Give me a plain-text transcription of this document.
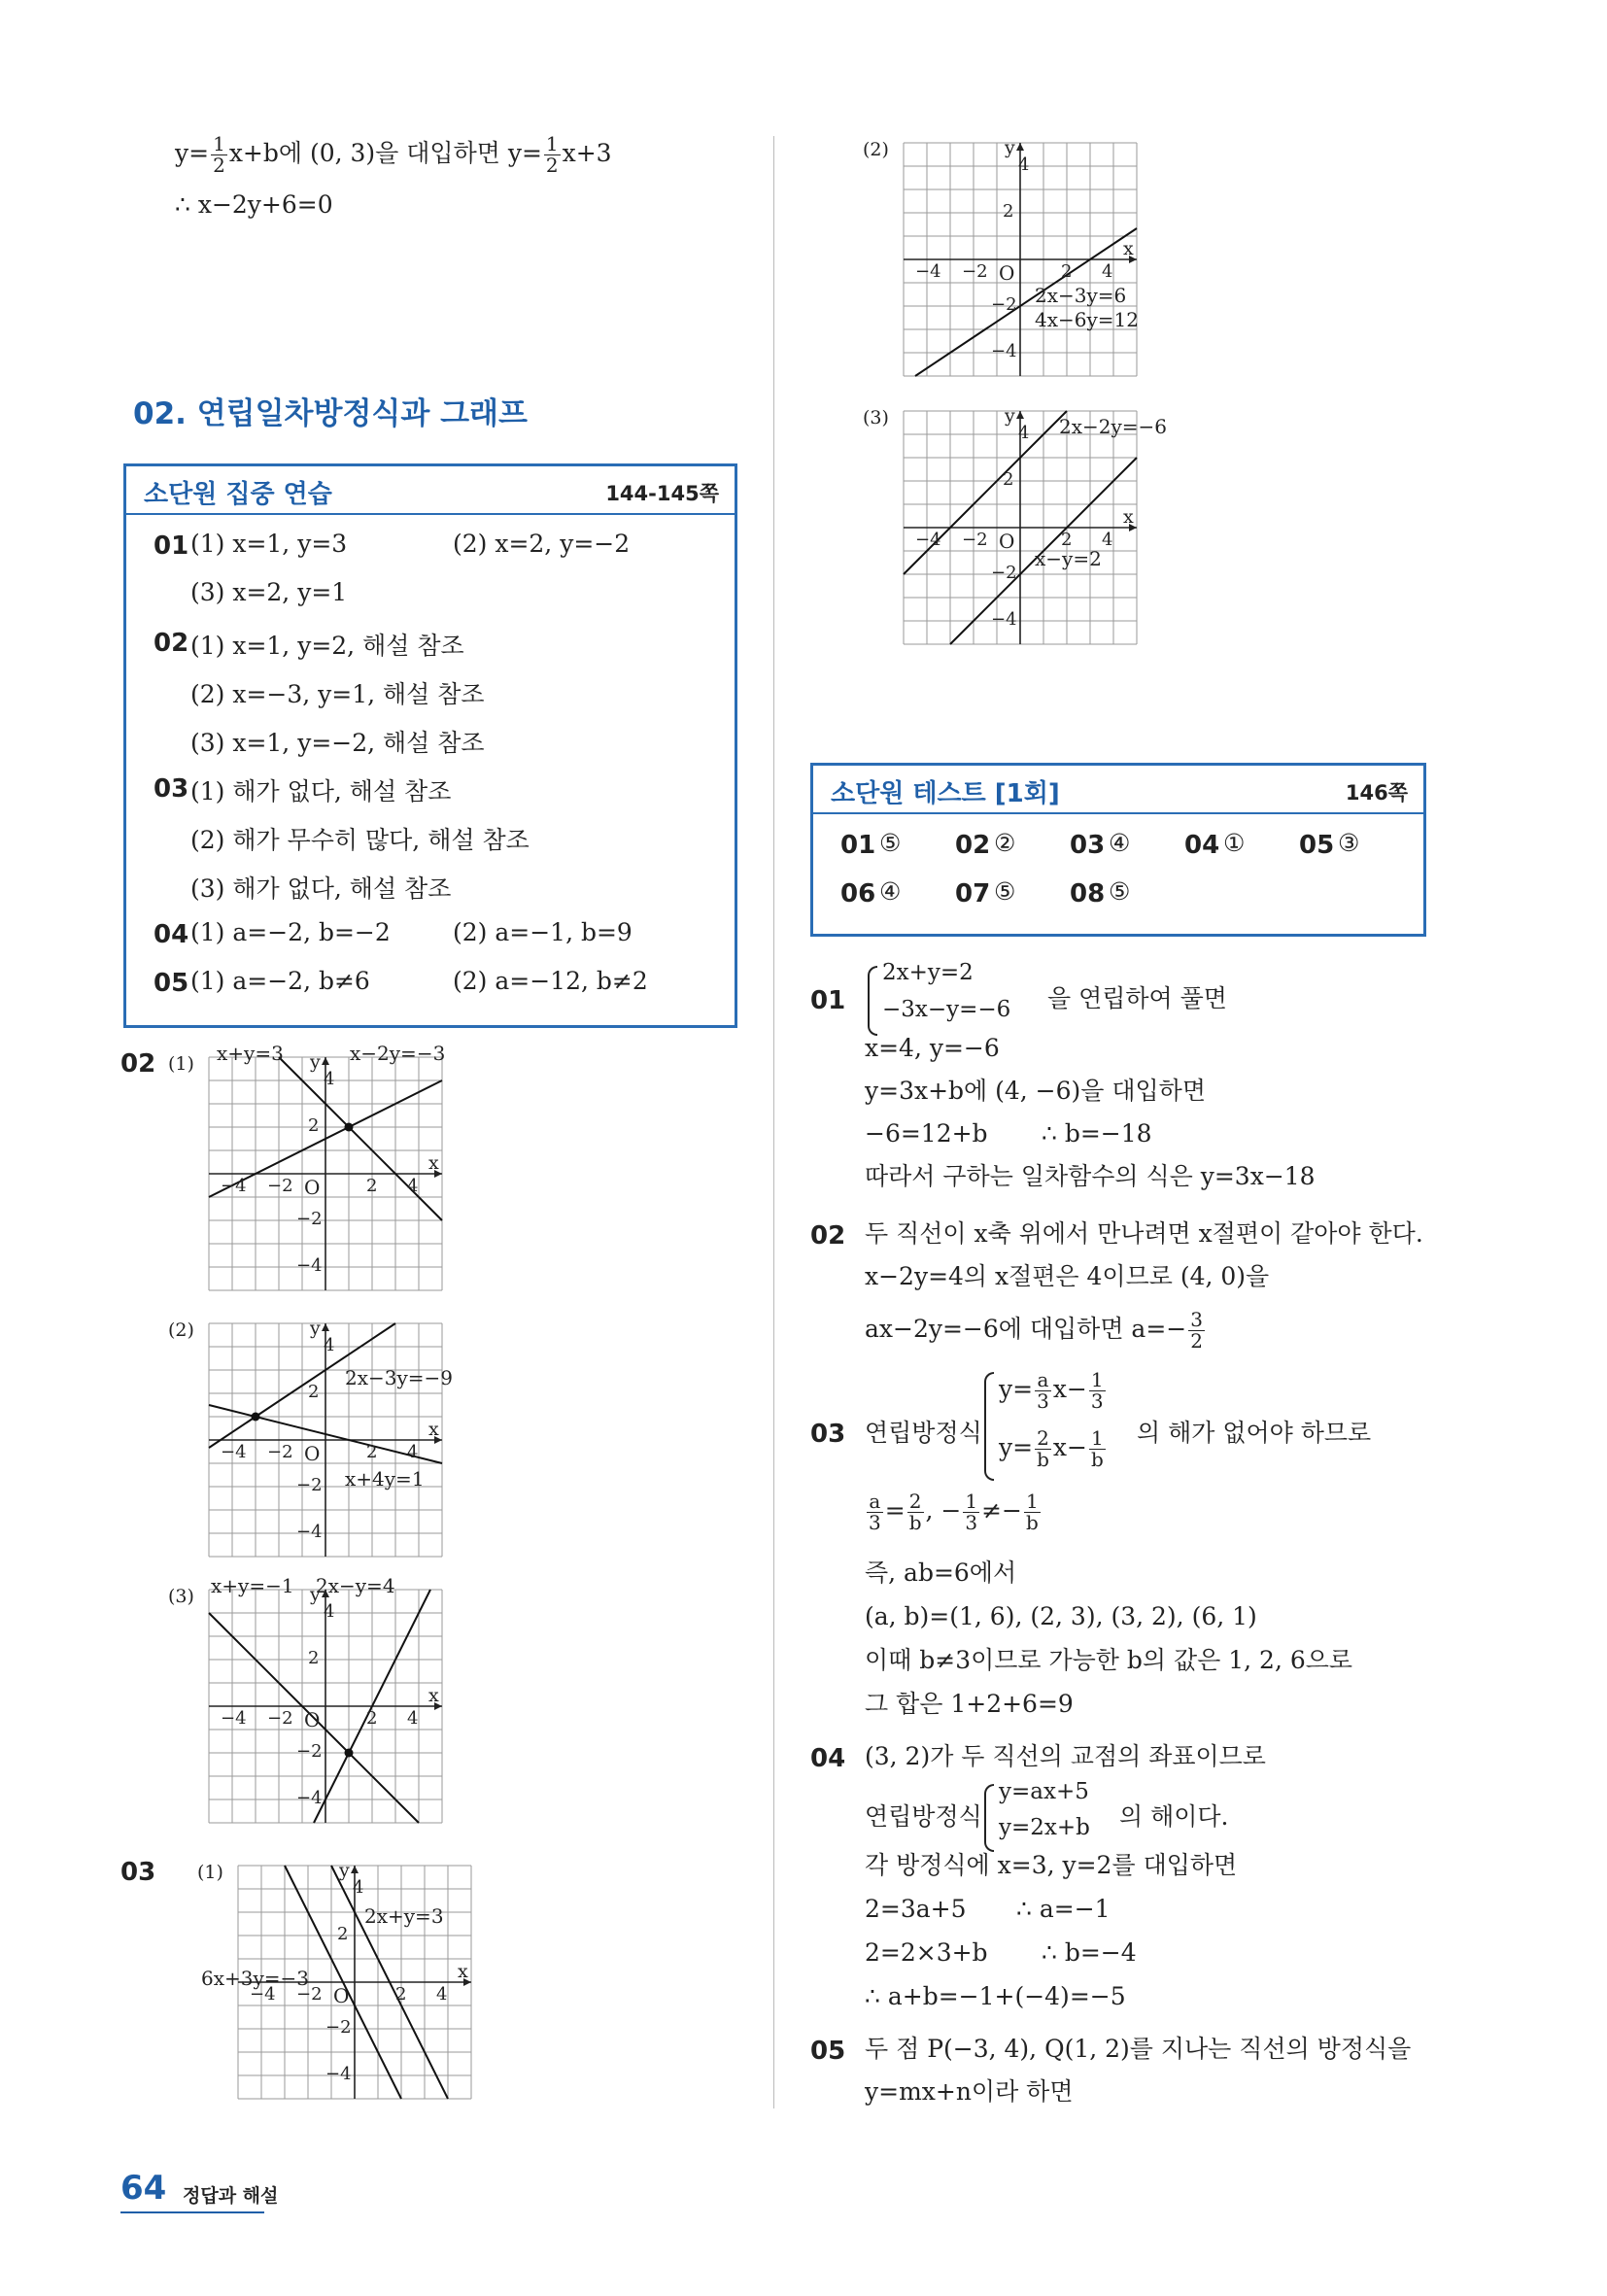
$y= \frac{1}{2} x+b$에 (0, 3)을 대입하면 $y= \frac{1}{2} x+3$
∴ x−2y+6=0
02. 연립일차방정식과 그래프
소단원 집중 연습	144-145쪽
01 (1) x=1, y=3	(2) x=2, y=−2
(3) x=2, y=1
02 (1) x=1, y=2, 해설 참조
(2) x=−3, y=1, 해설 참조
(3) x=1, y=−2, 해설 참조
03 (1) 해가 없다, 해설 참조
(2) 해가 무수히 많다, 해설 참조
(3) 해가 없다, 해설 참조
04 (1) a=−2, b=−2	(2) a=−1, b=9
05 (1) a=−2, b≠6	(2) a=−12, b≠2
02
03
4
2
−2
−4
4
2
−2
−4
O
x
y
(1) x+y=3	x−2y=−3
4
2
−2
−4
4
2
−2
−4
O
x
y
(2)
2x−3y=−9
x+4y=1
4
2
−2
−4
4
2
−2
−4
O
x
y
(3) x+y=−1 2x−y=4
4
2
−2
−4
4
2
−2
−4
O
x
y
(1)
2x+y=3
6x+3y=−3
4
2
−2
−4
4
2
−2
−4
O
x
y
(2)
2x−3y=6
4x−6y=12
4
2
−2
−4
4
2
−2
−4
O
x
y
(3)	2x−2y=−6
x−y=2
소단원 테스트 [1회]	146쪽
01 ⑤ 02 ② 03 ④ 04 ① 05 ③
06 ④ 07 ⑤ 08 ⑤
01
2x+y=2
−3x−y=−6 을 연립하여 풀면
x=4, y=−6
y=3x+b에 (4, −6)을 대입하면
−6=12+b ∴ b=−18
따라서 구하는 일차함수의 식은 y=3x−18
02 두 직선이 x축 위에서 만나려면 x절편이 같아야 한다.
x−2y=4의 x절편은 4이므로 (4, 0)을
ax−2y=−6에 대입하면 $a=- \frac{3}{2}$
03 연립방정식
$y= \frac{a}{3} x- \frac{1}{3}$
$y= \frac{2}{b} x- \frac{1}{b}$ 의 해가 없어야 하므로
$\frac{a}{3} = \frac{2}{b}$ , − $\frac{1}{3} \ne- \frac{1}{b}$
즉, ab=6에서
(a, b)=(1, 6), (2, 3), (3, 2), (6, 1)
이때 b≠3이므로 가능한 b의 값은 1, 2, 6으로
그 합은 1+2+6=9
04 (3, 2)가 두 직선의 교점의 좌표이므로
연립방정식
y=ax+5
y=2x+b 의 해이다.
각 방정식에 x=3, y=2를 대입하면
2=3a+5 ∴ a=−1
2=2×3+b ∴ b=−4
∴ a+b=−1+(−4)=−5
05 두 점 P(−3, 4), Q(1, 2)를 지나는 직선의 방정식을
y=mx+n이라 하면
64 정답과 해설
